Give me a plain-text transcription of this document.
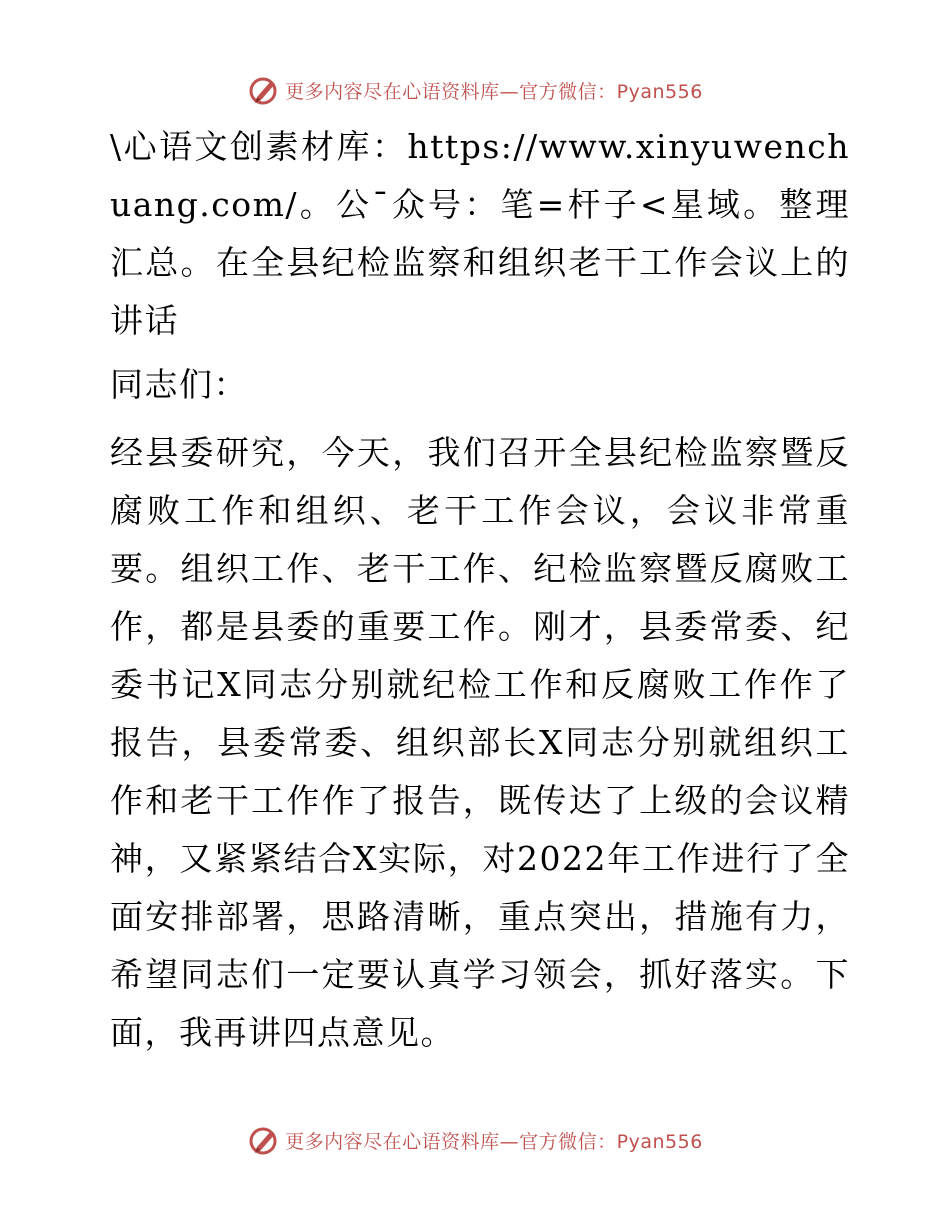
更多内容尽在心语资料库—官方微信：Pyan556

\心语文创素材库：https://www.xinyuwenchuang.com/。公¯众号：笔=杆子<星域。整理汇总。在全县纪检监察和组织老干工作会议上的讲话

同志们：

经县委研究，今天，我们召开全县纪检监察暨反腐败工作和组织、老干工作会议，会议非常重要。组织工作、老干工作、纪检监察暨反腐败工作，都是县委的重要工作。刚才，县委常委、纪委书记X同志分别就纪检工作和反腐败工作作了报告，县委常委、组织部长X同志分别就组织工作和老干工作作了报告，既传达了上级的会议精神，又紧紧结合X实际，对2022年工作进行了全面安排部署，思路清晰，重点突出，措施有力，希望同志们一定要认真学习领会，抓好落实。下面，我再讲四点意见。

更多内容尽在心语资料库—官方微信：Pyan556
